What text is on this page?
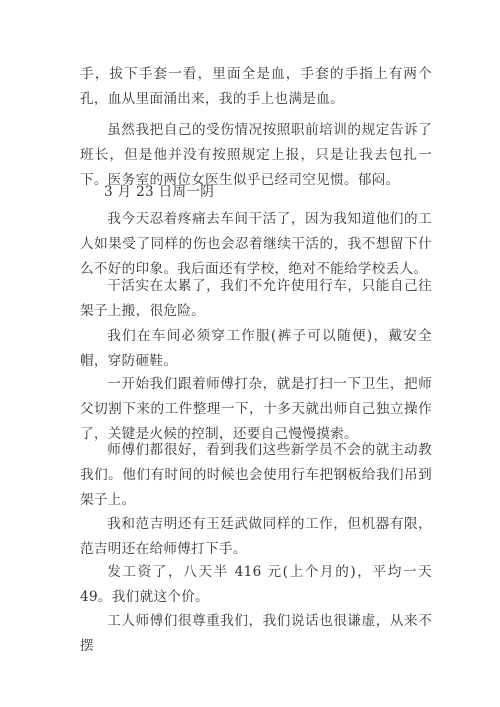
手，拔下手套一看，里面全是血，手套的手指上有两个孔，血从里面涌出来，我的手上也满是血。

虽然我把自己的受伤情况按照职前培训的规定告诉了班长，但是他并没有按照规定上报，只是让我去包扎一下。医务室的两位女医生似乎已经司空见惯。郁闷。

3 月 23 日周一阴

我今天忍着疼痛去车间干活了，因为我知道他们的工人如果受了同样的伤也会忍着继续干活的，我不想留下什么不好的印象。我后面还有学校，绝对不能给学校丢人。

干活实在太累了，我们不允许使用行车，只能自己往架子上搬，很危险。

我们在车间必须穿工作服(裤子可以随便)，戴安全帽，穿防砸鞋。

一开始我们跟着师傅打杂，就是打扫一下卫生，把师父切割下来的工件整理一下，十多天就出师自己独立操作了，关键是火候的控制，还要自己慢慢摸索。

师傅们都很好，看到我们这些新学员不会的就主动教我们。他们有时间的时候也会使用行车把钢板给我们吊到架子上。

我和范吉明还有王廷武做同样的工作，但机器有限，范吉明还在给师傅打下手。

发工资了，八天半 416 元(上个月的)，平均一天 49。我们就这个价。

工人师傅们很尊重我们，我们说话也很谦虚，从来不摆
